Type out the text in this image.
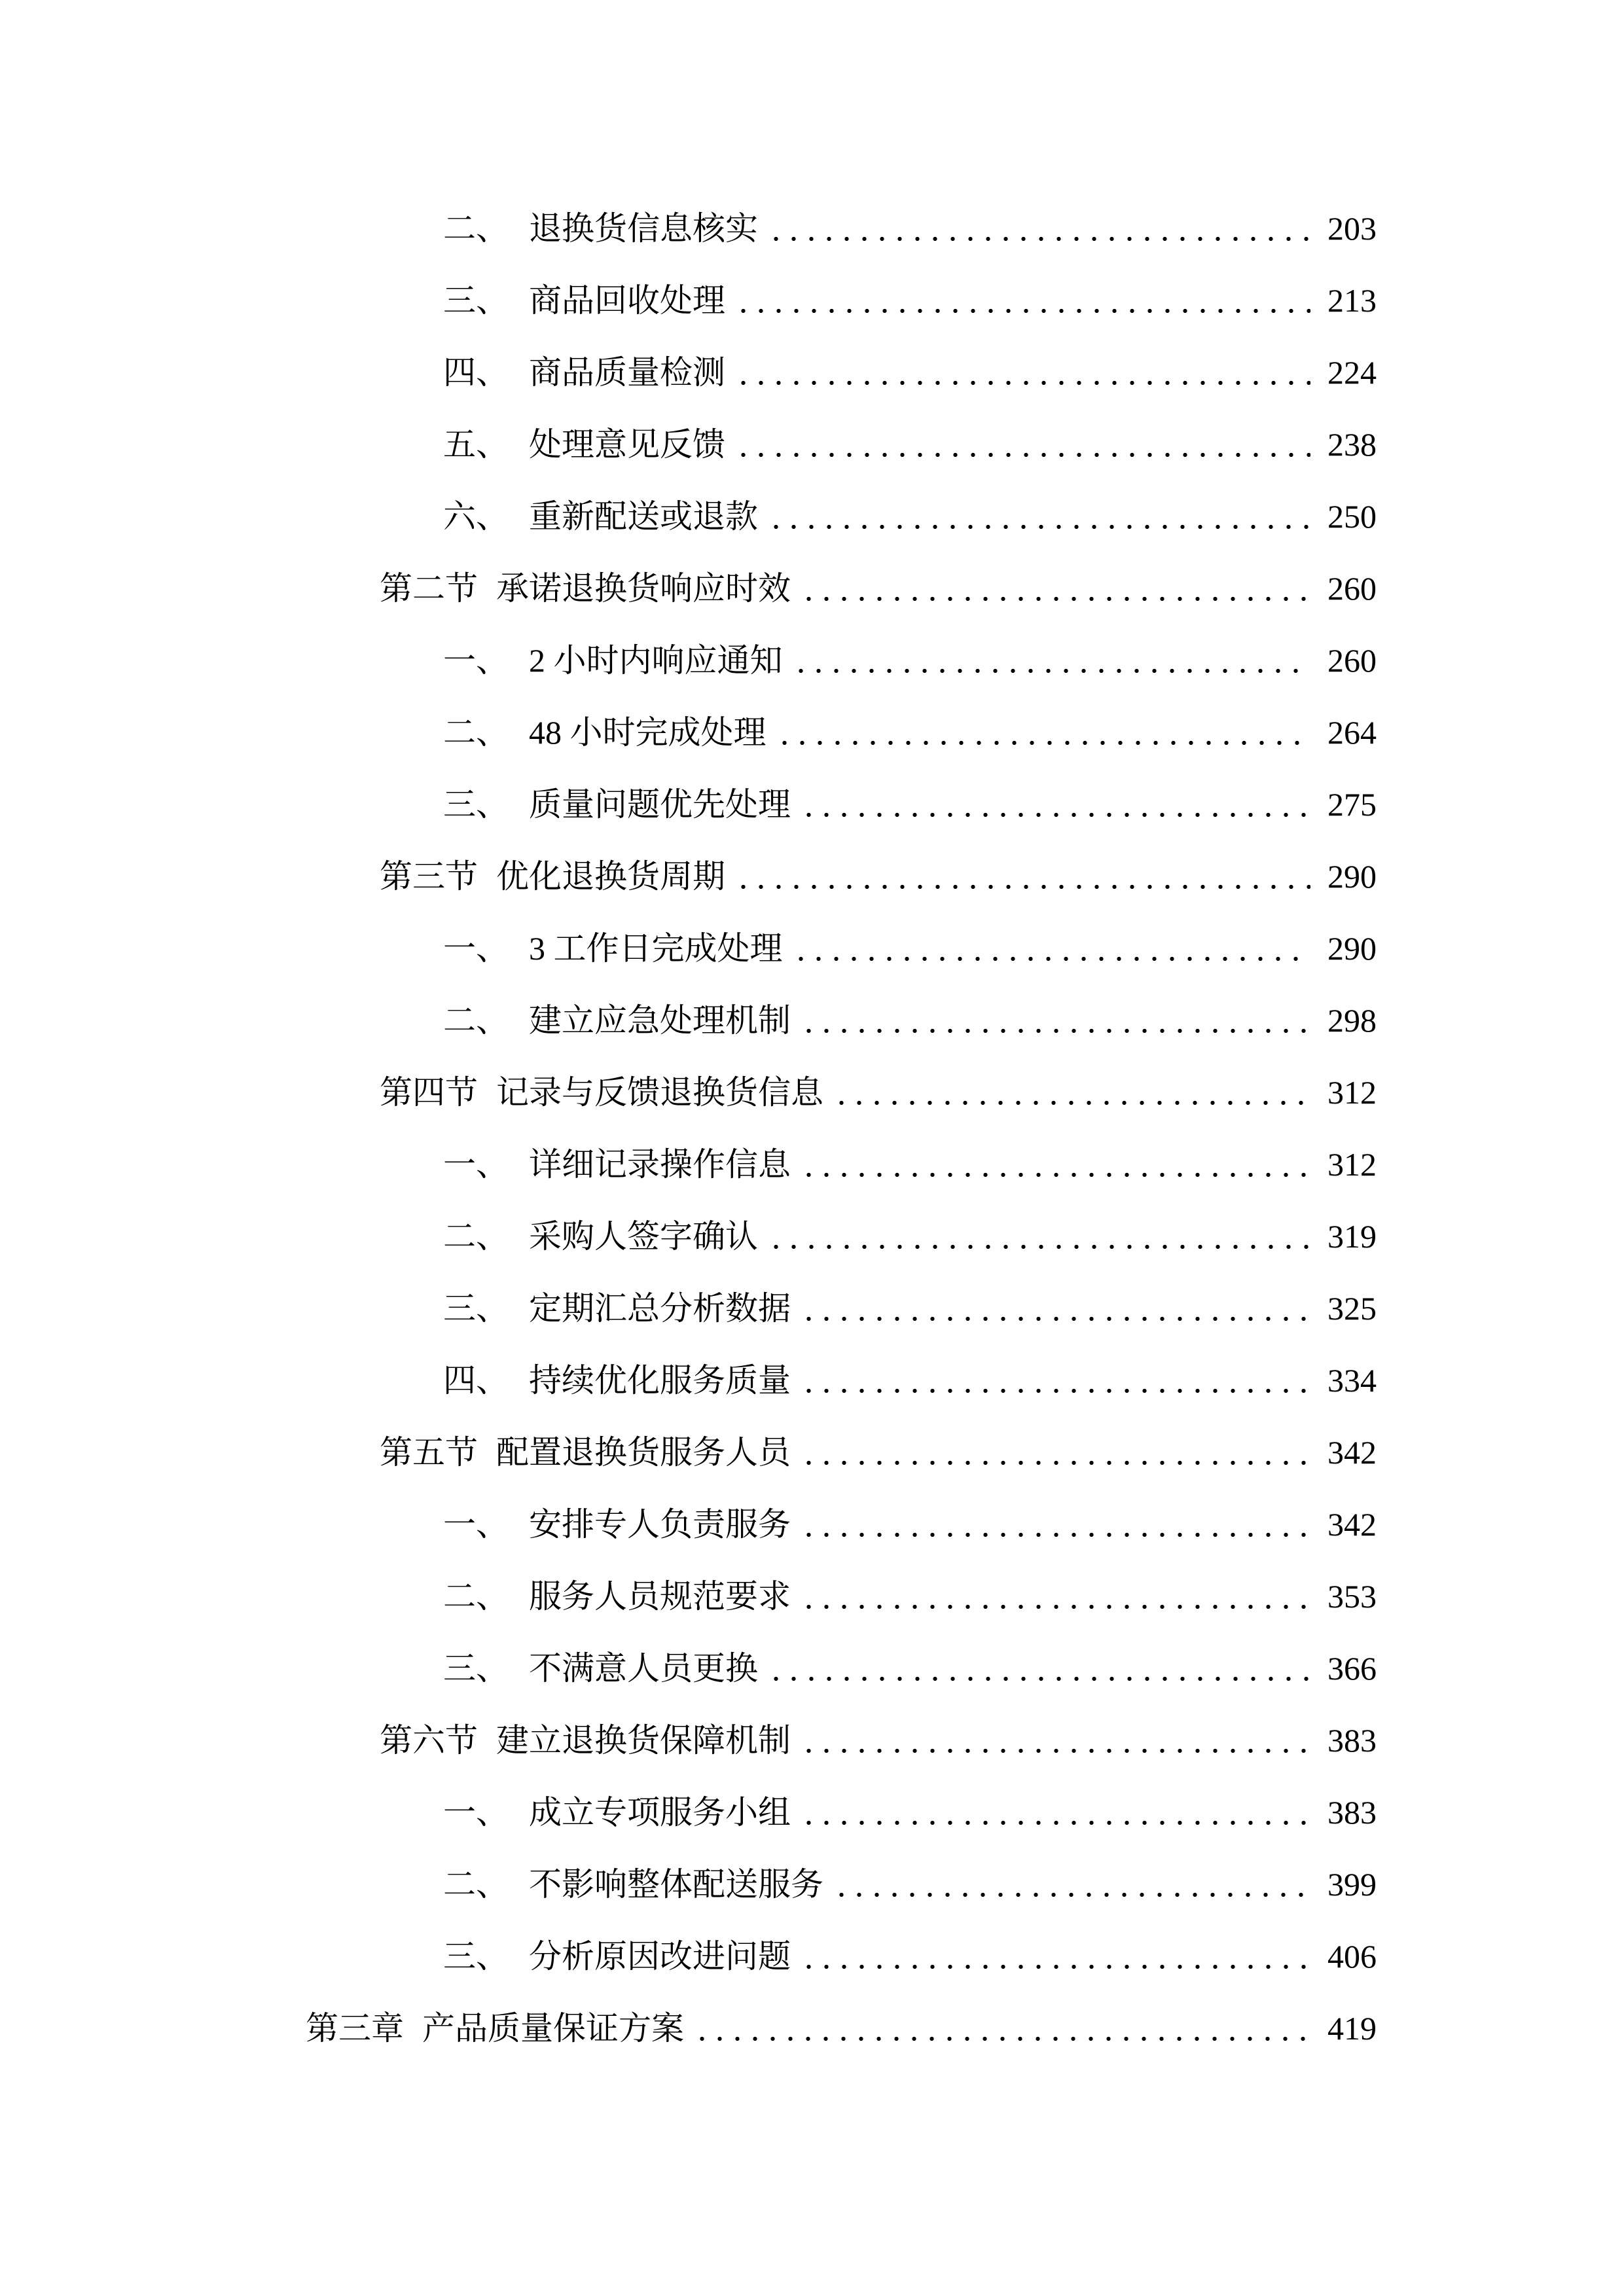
二、 退换货信息核实	203
三、 商品回收处理	213
四、 商品质量检测	224
五、 处理意见反馈	238
六、 重新配送或退款	250
第二节 承诺退换货响应时效	260
一、 2 小时内响应通知	260
二、 48 小时完成处理	264
三、 质量问题优先处理	275
第三节 优化退换货周期	290
一、 3 工作日完成处理	290
二、 建立应急处理机制	298
第四节 记录与反馈退换货信息	312
一、 详细记录操作信息	312
二、 采购人签字确认	319
三、 定期汇总分析数据	325
四、 持续优化服务质量	334
第五节 配置退换货服务人员	342
一、 安排专人负责服务	342
二、 服务人员规范要求	353
三、 不满意人员更换	366
第六节 建立退换货保障机制	383
一、 成立专项服务小组	383
二、 不影响整体配送服务	399
三、 分析原因改进问题	406
第三章 产品质量保证方案	419
